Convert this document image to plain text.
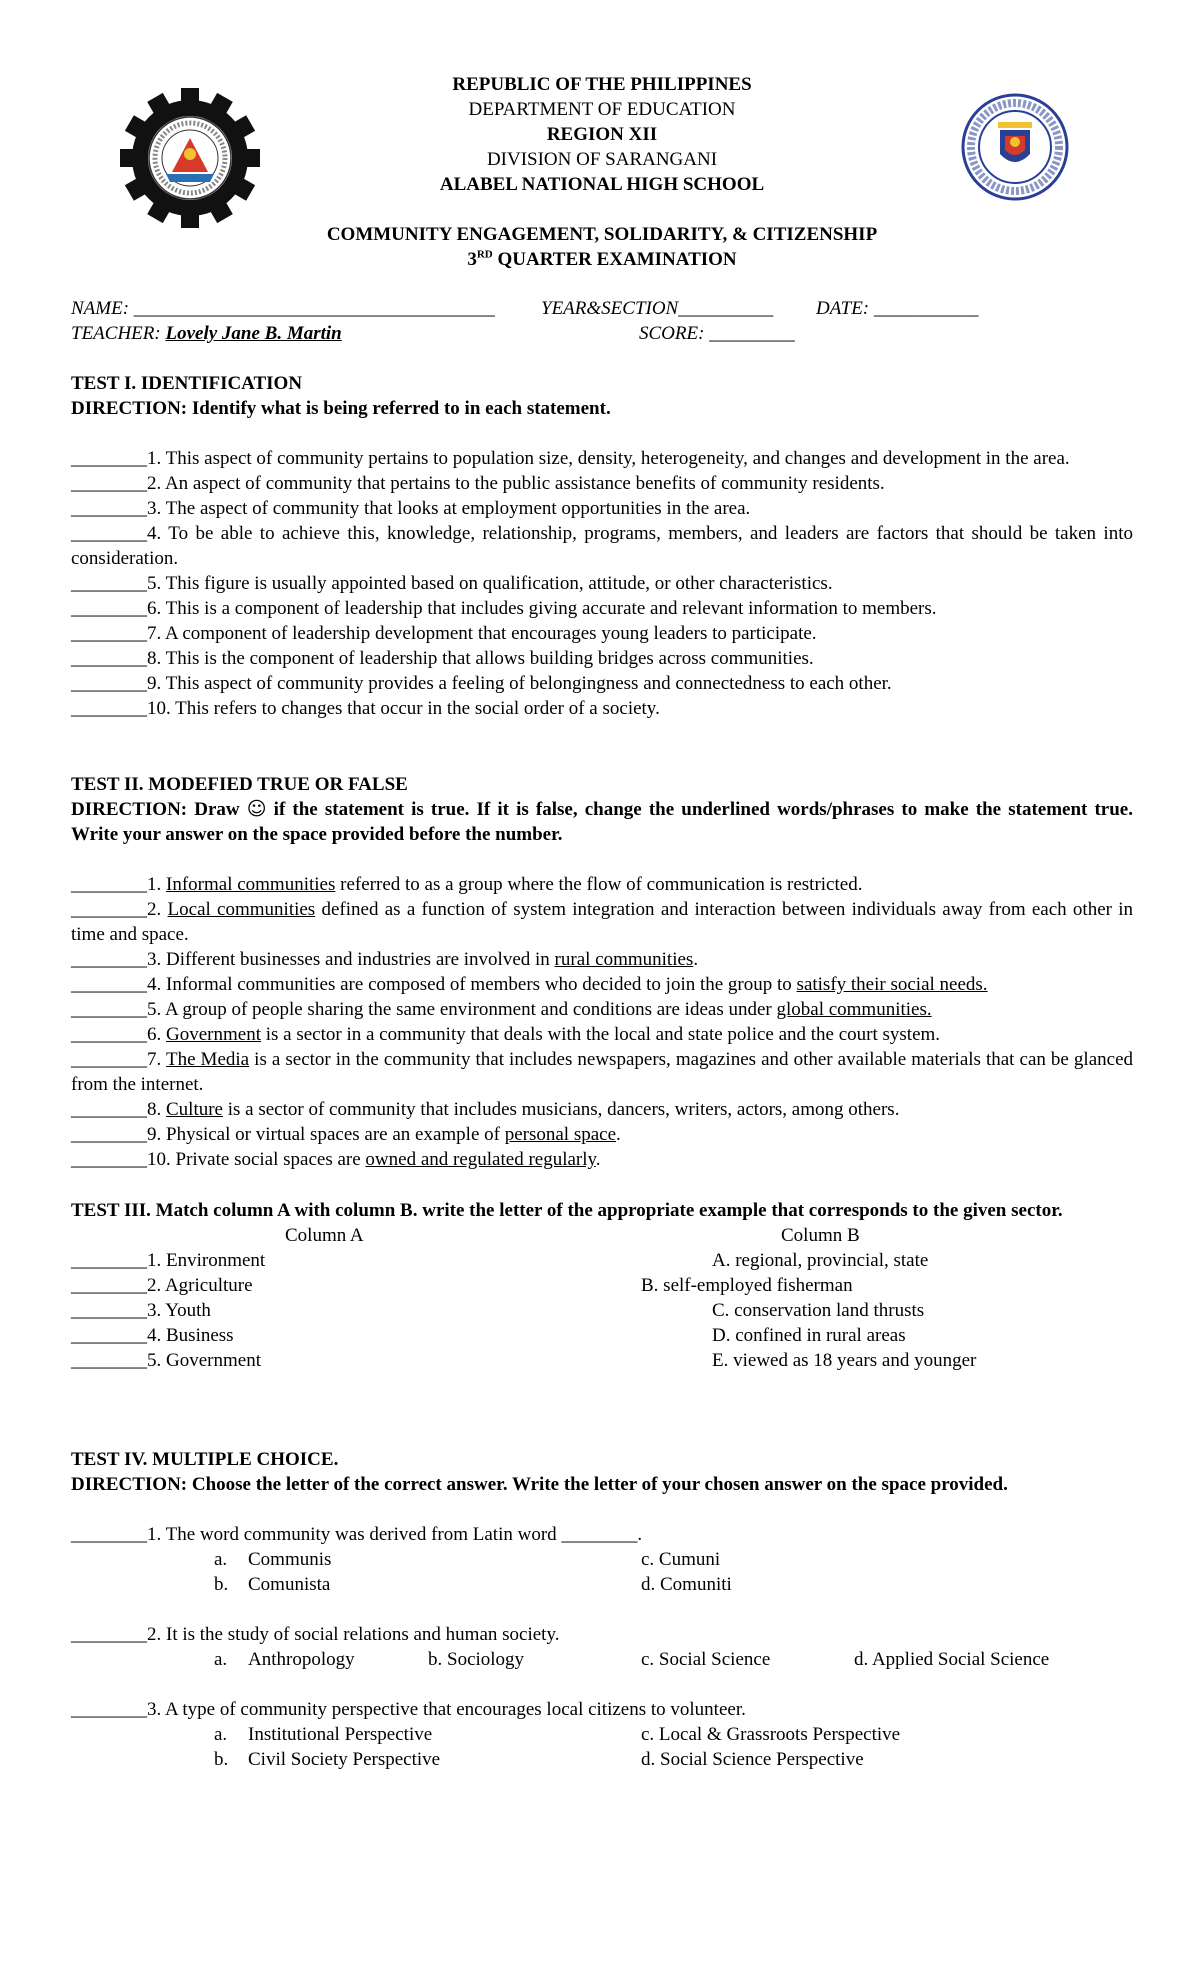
REPUBLIC OF THE PHILIPPINES
DEPARTMENT OF EDUCATION
REGION XII
DIVISION OF SARANGANI
ALABEL NATIONAL HIGH SCHOOL
COMMUNITY ENGAGEMENT, SOLIDARITY, & CITIZENSHIP
3RD QUARTER EXAMINATION
NAME: ______________________________________ YEAR&SECTION__________ DATE: ___________
TEACHER: Lovely Jane B. Martin	SCORE: _________
TEST I. IDENTIFICATION
DIRECTION: Identify what is being referred to in each statement.
________1. This aspect of community pertains to population size, density, heterogeneity, and changes and development in the area.
________2. An aspect of community that pertains to the public assistance benefits of community residents.
________3. The aspect of community that looks at employment opportunities in the area.
________4. To be able to achieve this, knowledge, relationship, programs, members, and leaders are factors that should be taken into consideration.
________5. This figure is usually appointed based on qualification, attitude, or other characteristics.
________6. This is a component of leadership that includes giving accurate and relevant information to members.
________7. A component of leadership development that encourages young leaders to participate.
________8. This is the component of leadership that allows building bridges across communities.
________9. This aspect of community provides a feeling of belongingness and connectedness to each other.
________10. This refers to changes that occur in the social order of a society.
TEST II. MODEFIED TRUE OR FALSE
DIRECTION: Draw ☺ if the statement is true. If it is false, change the underlined words/phrases to make the statement true. Write your answer on the space provided before the number.
________1. Informal communities referred to as a group where the flow of communication is restricted.
________2. Local communities defined as a function of system integration and interaction between individuals away from each other in time and space.
________3. Different businesses and industries are involved in rural communities.
________4. Informal communities are composed of members who decided to join the group to satisfy their social needs.
________5. A group of people sharing the same environment and conditions are ideas under global communities.
________6. Government is a sector in a community that deals with the local and state police and the court system.
________7. The Media is a sector in the community that includes newspapers, magazines and other available materials that can be glanced from the internet.
________8. Culture is a sector of community that includes musicians, dancers, writers, actors, among others.
________9. Physical or virtual spaces are an example of personal space.
________10. Private social spaces are owned and regulated regularly.
TEST III. Match column A with column B. write the letter of the appropriate example that corresponds to the given sector.
Column A	Column B
________1. Environment	A. regional, provincial, state
________2. Agriculture	B. self-employed fisherman
________3. Youth	C. conservation land thrusts
________4. Business	D. confined in rural areas
________5. Government	E. viewed as 18 years and younger
TEST IV. MULTIPLE CHOICE.
DIRECTION: Choose the letter of the correct answer. Write the letter of your chosen answer on the space provided.
________1. The word community was derived from Latin word ________.
a. Communis	c. Cumuni
b. Comunista	d. Comuniti
________2. It is the study of social relations and human society.
a. Anthropology	b. Sociology	c. Social Science	d. Applied Social Science
________3. A type of community perspective that encourages local citizens to volunteer.
a. Institutional Perspective	c. Local & Grassroots Perspective
b. Civil Society Perspective	d. Social Science Perspective
